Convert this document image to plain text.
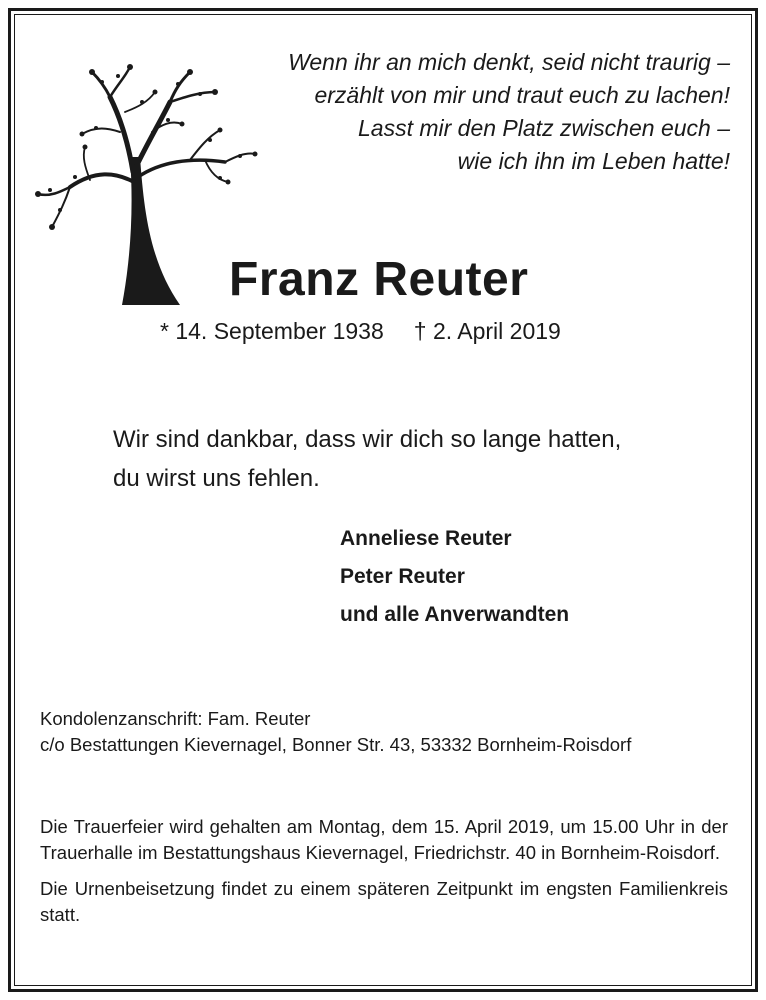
Wenn ihr an mich denkt, seid nicht traurig –
erzählt von mir und traut euch zu lachen!
Lasst mir den Platz zwischen euch –
wie ich ihn im Leben hatte!
Franz Reuter
* 14. September 1938 † 2. April 2019
Wir sind dankbar, dass wir dich so lange hatten,
du wirst uns fehlen.
Anneliese Reuter
Peter Reuter
und alle Anverwandten
Kondolenzanschrift: Fam. Reuter
c/o Bestattungen Kievernagel, Bonner Str. 43, 53332 Bornheim-Roisdorf

Die Trauerfeier wird gehalten am Montag, dem 15. April 2019, um 15.00 Uhr in der Trauerhalle im Bestattungshaus Kievernagel, Friedrichstr. 40 in Bornheim-Roisdorf.

Die Urnenbeisetzung findet zu einem späteren Zeitpunkt im engsten Familienkreis statt.
